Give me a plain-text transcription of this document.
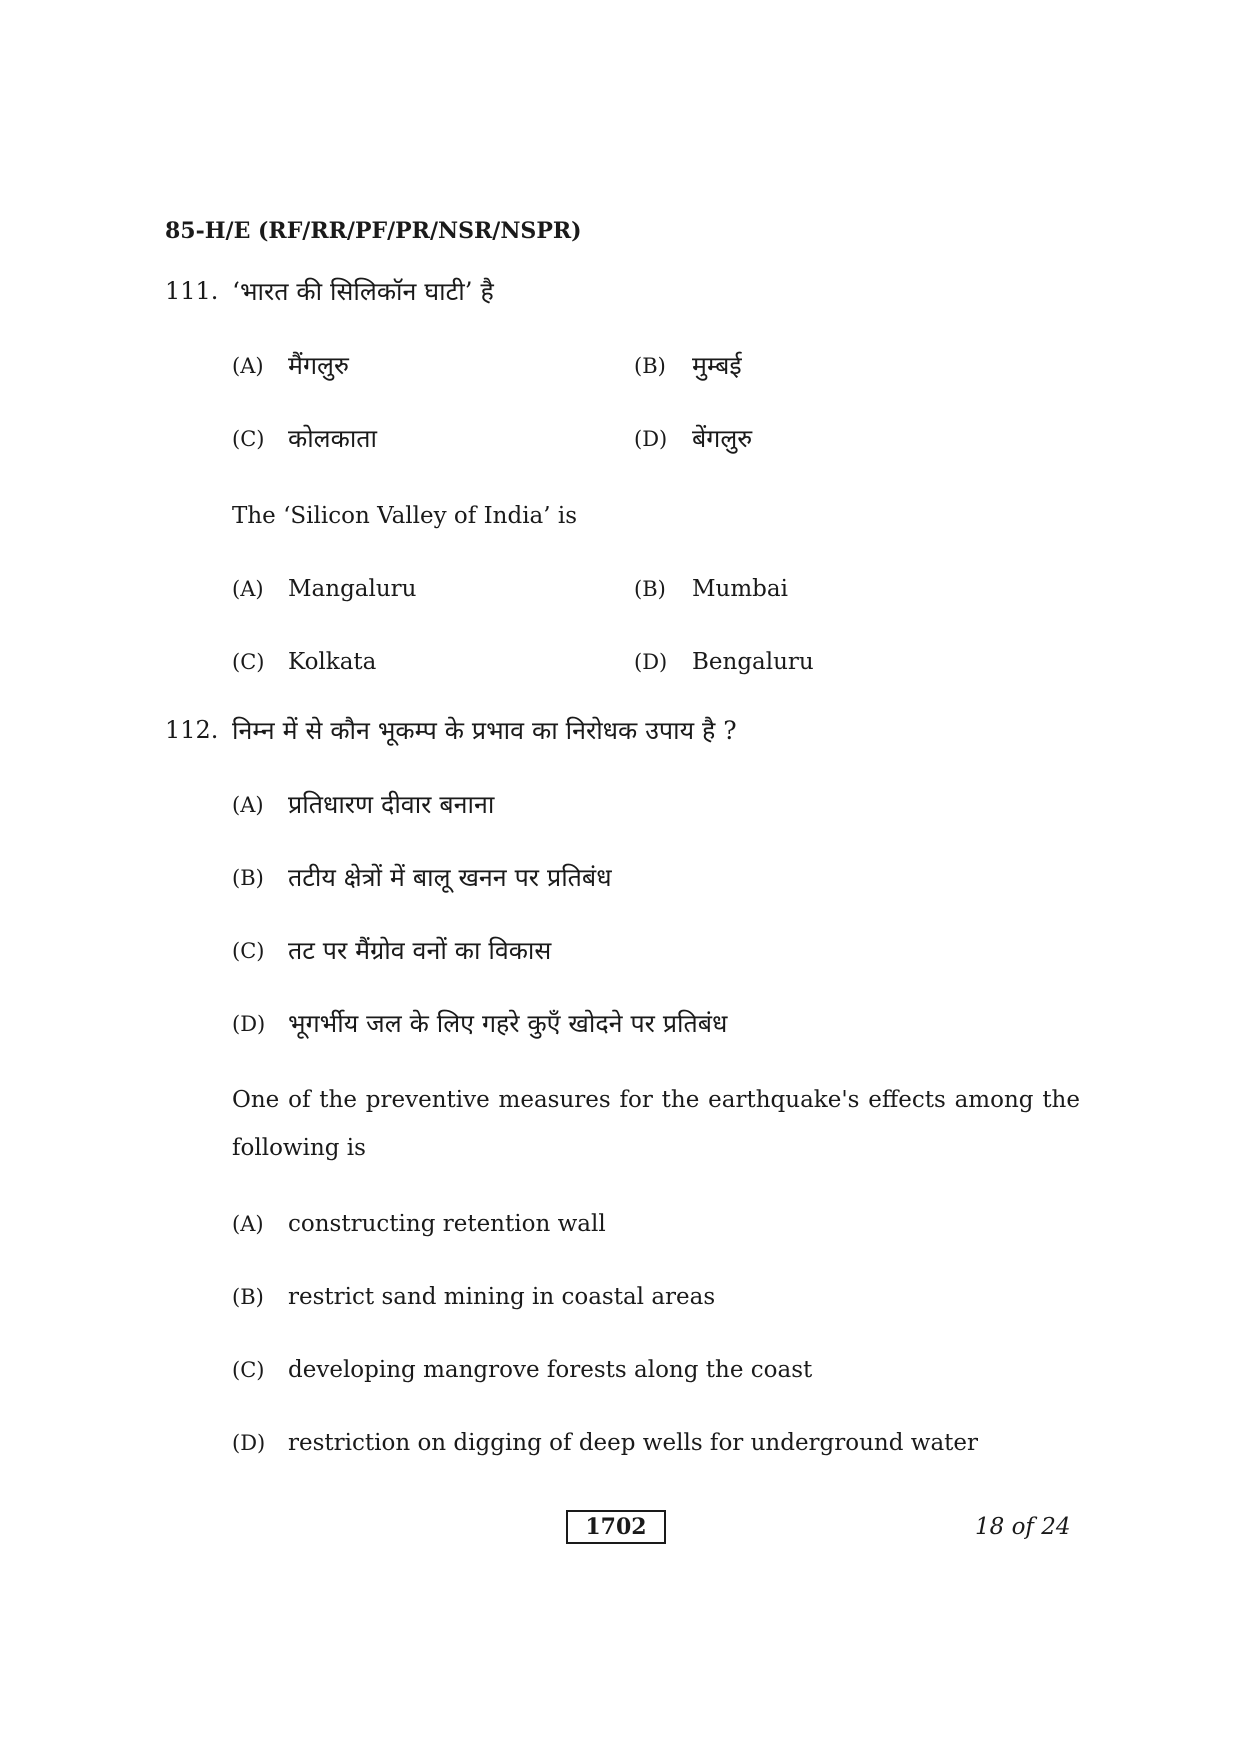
85-H/E (RF/RR/PF/PR/NSR/NSPR)
111. ‘भारत की सिलिकॉन घाटी’ है
(A) मैंगलुरु	(B) मुम्बई
(C) कोलकाता	(D) बेंगलुरु
The ‘Silicon Valley of India’ is
(A) Mangaluru	(B) Mumbai
(C) Kolkata	(D) Bengaluru
112. निम्न में से कौन भूकम्प के प्रभाव का निरोधक उपाय है ?
(A) प्रतिधारण दीवार बनाना
(B) तटीय क्षेत्रों में बालू खनन पर प्रतिबंध
(C) तट पर मैंग्रोव वनों का विकास
(D) भूगर्भीय जल के लिए गहरे कुएँ खोदने पर प्रतिबंध
One of the preventive measures for the earthquake's effects among the following is
(A) constructing retention wall
(B) restrict sand mining in coastal areas
(C) developing mangrove forests along the coast
(D) restriction on digging of deep wells for underground water
1702	18 of 24
